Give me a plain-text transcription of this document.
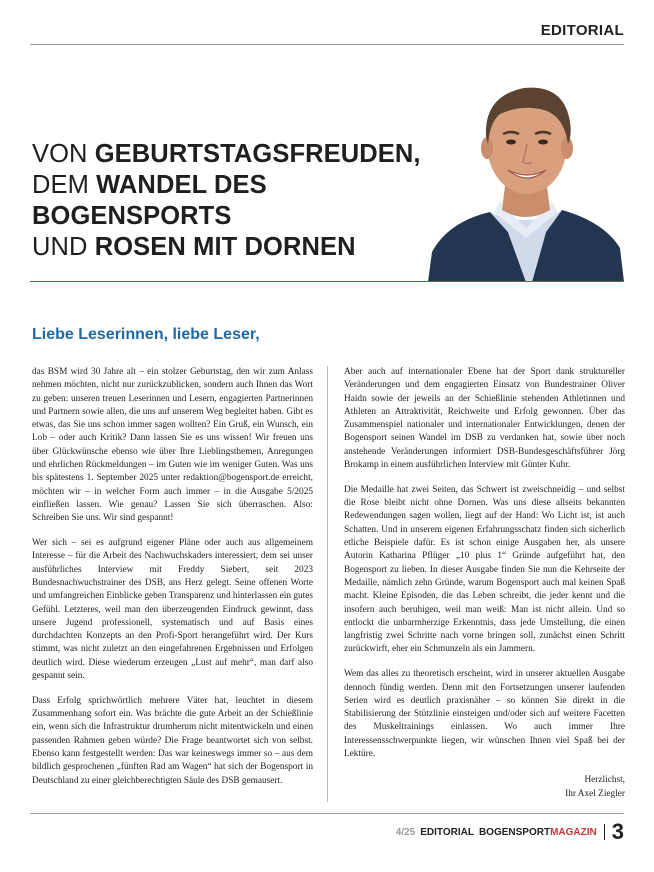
EDITORIAL
VON GEBURTSTAGSFREUDEN,
DEM WANDEL DES BOGENSPORTS
UND ROSEN MIT DORNEN
Liebe Leserinnen, liebe Leser,

das BSM wird 30 Jahre alt – ein stolzer Geburtstag, den wir zum Anlass nehmen möchten, nicht nur zurückzublicken, sondern auch Ihnen das Wort zu geben: unseren treuen Leserinnen und Lesern, engagierten Partnerinnen und Partnern sowie allen, die uns auf unserem Weg begleitet haben. Gibt es etwas, das Sie uns schon immer sagen wollten? Ein Gruß, ein Wunsch, ein Lob – oder auch Kritik? Dann lassen Sie es uns wissen! Wir freuen uns über Glückwünsche ebenso wie über Ihre Lieblingsthemen, Anregungen und ehrlichen Rückmeldungen – im Guten wie im weniger Guten. Was uns bis spätestens 1. September 2025 unter redaktion@bogensport.de erreicht, möchten wir – in welcher Form auch immer – in die Ausgabe 5/2025 einfließen lassen. Wie genau? Lassen Sie sich überraschen. Also: Schreiben Sie uns. Wir sind gespannt!

Wer sich – sei es aufgrund eigener Pläne oder auch aus allgemeinem Interesse – für die Arbeit des Nachwuchskaders interessiert, dem sei unser ausführliches Interview mit Freddy Siebert, seit 2023 Bundesnachwuchstrainer des DSB, ans Herz gelegt. Seine offenen Worte und umfangreichen Einblicke geben Transparenz und hinterlassen ein gutes Gefühl. Letzteres, weil man den überzeugenden Eindruck gewinnt, dass unsere Jugend professionell, systematisch und auf Basis eines durchdachten Konzepts an den Profi-Sport herangeführt wird. Der Kurs stimmt, was nicht zuletzt an den eingefahrenen Ergebnissen und Erfolgen deutlich wird. Diese wiederum erzeugen „Lust auf mehr“, man darf also gespannt sein.

Dass Erfolg sprichwörtlich mehrere Väter hat, leuchtet in diesem Zusammenhang sofort ein. Was brächte die gute Arbeit an der Schießlinie ein, wenn sich die Infrastruktur drumherum nicht mitentwickeln und einen passenden Rahmen geben würde? Die Frage beantwortet sich von selbst. Ebenso kann festgestellt werden: Das war keineswegs immer so – aus dem bildlich gesprochenen „fünften Rad am Wagen“ hat sich der Bogensport in Deutschland zu einer gleichberechtigten Säule des DSB gemausert.

Aber auch auf internationaler Ebene hat der Sport dank struktureller Veränderungen und dem engagierten Einsatz von Bundestrainer Oliver Haidn sowie der jeweils an der Schießlinie stehenden Athletinnen und Athleten an Attraktivität, Reichweite und Erfolg gewonnen. Über das Zusammenspiel nationaler und internationaler Entwicklungen, denen der Bogensport seinen Wandel im DSB zu verdanken hat, sowie über noch anstehende Veränderungen informiert DSB-Bundesgeschäftsführer Jörg Brokamp in einem ausführlichen Interview mit Günter Kuhr.

Die Medaille hat zwei Seiten, das Schwert ist zweischneidig – und selbst die Rose bleibt nicht ohne Dornen. Was uns diese allseits bekannten Redewendungen sagen wollen, liegt auf der Hand: Wo Licht ist, ist auch Schatten. Und in unserem eigenen Erfahrungsschatz finden sich sicherlich etliche Beispiele dafür. Es ist schon einige Ausgaben her, als unsere Autorin Katharina Pflüger „10 plus 1“ Gründe aufgeführt hat, den Bogensport zu lieben. In dieser Ausgabe finden Sie nun die Kehrseite der Medaille, nämlich zehn Gründe, warum Bogensport auch mal keinen Spaß macht. Kleine Episoden, die das Leben schreibt, die jeder kennt und die insofern auch beruhigen, weil man weiß: Man ist nicht allein. Und so entlockt die unbarmherzige Erkenntnis, dass jede Umstellung, die einen langfristig zwei Schritte nach vorne bringen soll, zunächst einen Schritt zurückwirft, eher ein Schmunzeln als ein Jammern.

Wem das alles zu theoretisch erscheint, wird in unserer aktuellen Ausgabe dennoch fündig werden. Denn mit den Fortsetzungen unserer laufenden Serien wird es deutlich praxisnäher – so können Sie direkt in die Stabilisierung der Stützlinie einsteigen und/oder sich auf weitere Facetten des Muskeltrainings einlassen. Wo auch immer Ihre Interessensschwerpunkte liegen, wir wünschen Ihnen viel Spaß bei der Lektüre.

Herzlichst,
Ihr Axel Ziegler
4/25 EDITORIAL BOGENSPORTMAGAZIN 3
